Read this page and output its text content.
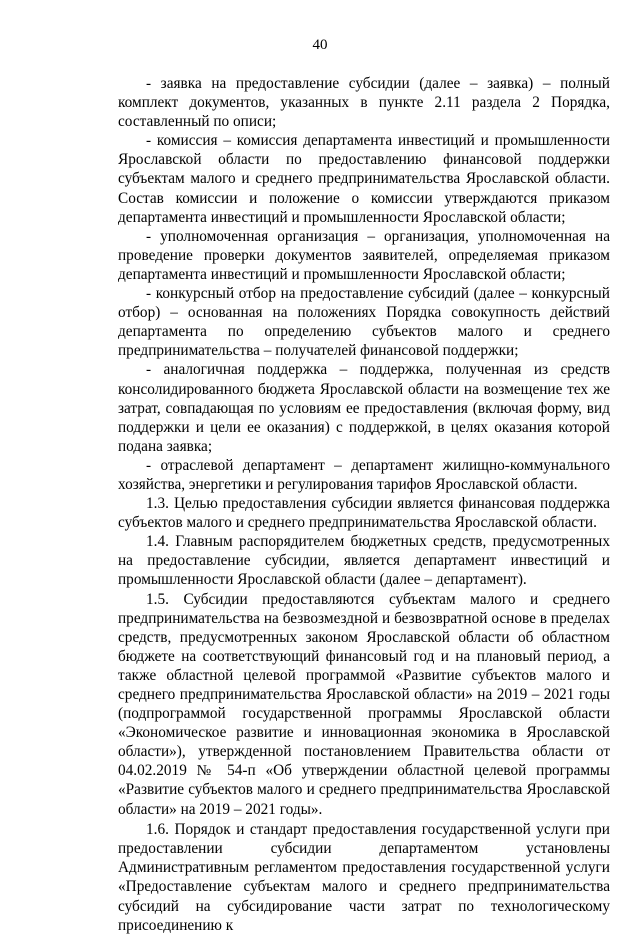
40

- заявка на предоставление субсидии (далее – заявка) – полный комплект документов, указанных в пункте 2.11 раздела 2 Порядка, составленный по описи;

- комиссия – комиссия департамента инвестиций и промышленности Ярославской области по предоставлению финансовой поддержки субъектам малого и среднего предпринимательства Ярославской области. Состав комиссии и положение о комиссии утверждаются приказом департамента инвестиций и промышленности Ярославской области;

- уполномоченная организация – организация, уполномоченная на проведение проверки документов заявителей, определяемая приказом департамента инвестиций и промышленности Ярославской области;

- конкурсный отбор на предоставление субсидий (далее – конкурсный отбор) – основанная на положениях Порядка совокупность действий департамента по определению субъектов малого и среднего предпринимательства – получателей финансовой поддержки;

- аналогичная поддержка – поддержка, полученная из средств консолидированного бюджета Ярославской области на возмещение тех же затрат, совпадающая по условиям ее предоставления (включая форму, вид поддержки и цели ее оказания) с поддержкой, в целях оказания которой подана заявка;

- отраслевой департамент – департамент жилищно-коммунального хозяйства, энергетики и регулирования тарифов Ярославской области.

1.3. Целью предоставления субсидии является финансовая поддержка субъектов малого и среднего предпринимательства Ярославской области.

1.4. Главным распорядителем бюджетных средств, предусмотренных на предоставление субсидии, является департамент инвестиций и промышленности Ярославской области (далее – департамент).

1.5. Субсидии предоставляются субъектам малого и среднего предпринимательства на безвозмездной и безвозвратной основе в пределах средств, предусмотренных законом Ярославской области об областном бюджете на соответствующий финансовый год и на плановый период, а также областной целевой программой «Развитие субъектов малого и среднего предпринимательства Ярославской области» на 2019 – 2021 годы (подпрограммой государственной программы Ярославской области «Экономическое развитие и инновационная экономика в Ярославской области»), утвержденной постановлением Правительства области от 04.02.2019 № 54-п «Об утверждении областной целевой программы «Развитие субъектов малого и среднего предпринимательства Ярославской области» на 2019 – 2021 годы».

1.6. Порядок и стандарт предоставления государственной услуги при предоставлении субсидии департаментом установлены Административным регламентом предоставления государственной услуги «Предоставление субъектам малого и среднего предпринимательства субсидий на субсидирование части затрат по технологическому присоединению к
